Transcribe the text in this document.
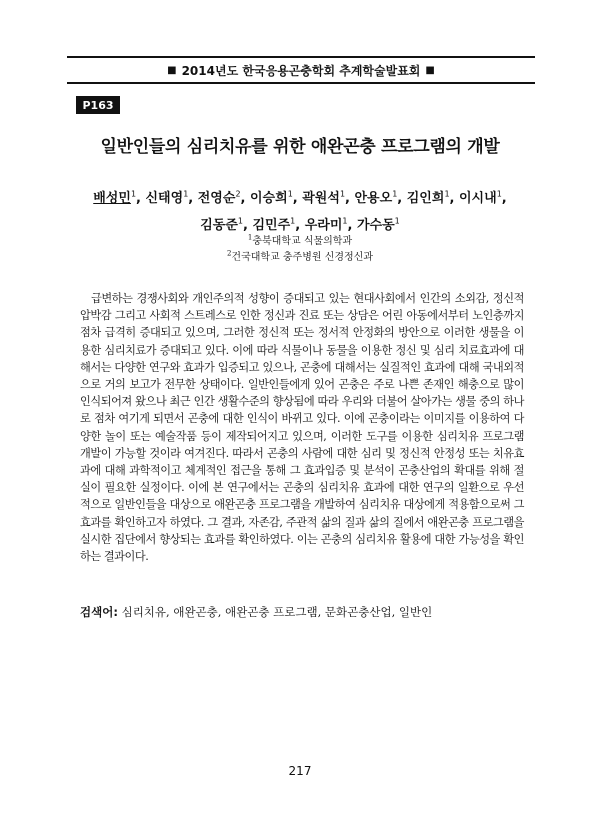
■ 2014년도 한국응용곤충학회 추계학술발표회 ■
P163
일반인들의 심리치유를 위한 애완곤충 프로그램의 개발
배성민$^1$, 신태영$^1$, 전영순$^2$, 이승희$^1$, 곽원석$^1$, 안용오$^1$, 김인희$^1$, 이시내$^1$,
김동준$^1$, 김민주$^1$, 우라미$^1$, 가수동$^1$
$^1$충북대학교 식물의학과
$^2$건국대학교 충주병원 신경정신과

급변하는 경쟁사회와 개인주의적 성향이 증대되고 있는 현대사회에서 인간의 소외감, 정신적 압박감 그리고 사회적 스트레스로 인한 정신과 진료 또는 상담은 어린 아동에서부터 노인층까지 점차 급격히 증대되고 있으며, 그러한 정신적 또는 정서적 안정화의 방안으로 이러한 생물을 이용한 심리치료가 증대되고 있다. 이에 따라 식물이나 동물을 이용한 정신 및 심리 치료효과에 대해서는 다양한 연구와 효과가 입증되고 있으나, 곤충에 대해서는 실질적인 효과에 대해 국내외적으로 거의 보고가 전무한 상태이다. 일반인들에게 있어 곤충은 주로 나쁜 존재인 해충으로 많이 인식되어져 왔으나 최근 인간 생활수준의 향상됨에 따라 우리와 더불어 살아가는 생물 중의 하나로 점차 여기게 되면서 곤충에 대한 인식이 바뀌고 있다. 이에 곤충이라는 이미지를 이용하여 다양한 놀이 또는 예술작품 등이 제작되어지고 있으며, 이러한 도구를 이용한 심리치유 프로그램 개발이 가능할 것이라 여겨진다. 따라서 곤충의 사람에 대한 심리 및 정신적 안정성 또는 치유효과에 대해 과학적이고 체계적인 접근을 통해 그 효과입증 및 분석이 곤충산업의 확대를 위해 절실이 필요한 실정이다. 이에 본 연구에서는 곤충의 심리치유 효과에 대한 연구의 일환으로 우선적으로 일반인들을 대상으로 애완곤충 프로그램을 개발하여 심리치유 대상에게 적용함으로써 그 효과를 확인하고자 하였다. 그 결과, 자존감, 주관적 삶의 질과 삶의 질에서 애완곤충 프로그램을 실시한 집단에서 향상되는 효과를 확인하였다. 이는 곤충의 심리치유 활용에 대한 가능성을 확인하는 결과이다.

검색어: 심리치유, 애완곤충, 애완곤충 프로그램, 문화곤충산업, 일반인
217
